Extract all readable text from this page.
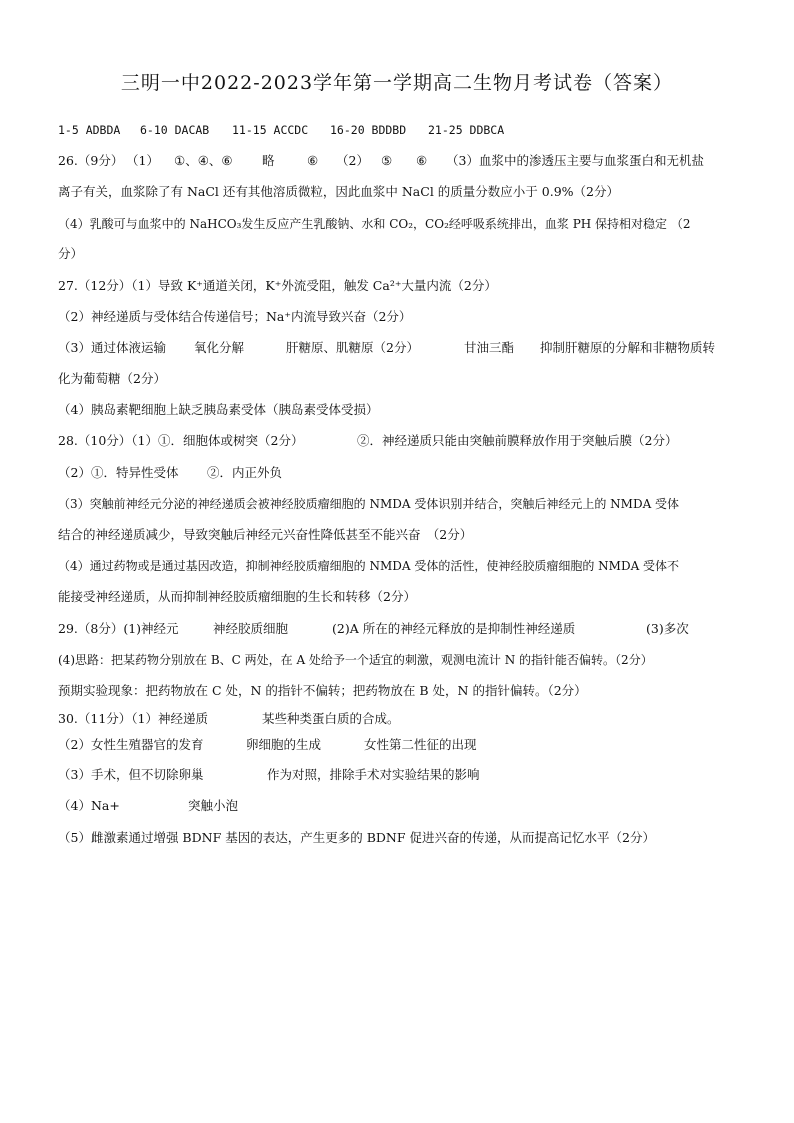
三明一中2022-2023学年第一学期高二生物月考试卷（答案）
1-5 ADBDA 6-10 DACAB 11-15 ACCDC 16-20 BDDBD 21-25 DDBCA
26.（9分） （1） ①、④、⑥ 略	⑥ （2） ⑤ ⑥ （3）血浆中的渗透压主要与血浆蛋白和无机盐
离子有关，血浆除了有 NaCl 还有其他溶质微粒，因此血浆中 NaCl 的质量分数应小于 0.9%（2分）
（4）乳酸可与血浆中的 NaHCO₃发生反应产生乳酸钠、水和 CO₂，CO₂经呼吸系统排出，血浆 PH 保持相对稳定 （2
分）
27.（12分）（1）导致 K⁺通道关闭，K⁺外流受阻，触发 Ca²⁺大量内流（2分）
（2）神经递质与受体结合传递信号；Na⁺内流导致兴奋（2分）
（3）通过体液运输 氧化分解	肝糖原、肌糖原（2分）	甘油三酯 抑制肝糖原的分解和非糖物质转
化为葡萄糖（2分）
（4）胰岛素靶细胞上缺乏胰岛素受体（胰岛素受体受损）
28.（10分）（1）①．细胞体或树突（2分）	②．神经递质只能由突触前膜释放作用于突触后膜（2分）
（2）①．特异性受体 ②．内正外负
（3）突触前神经元分泌的神经递质会被神经胶质瘤细胞的 NMDA 受体识别并结合，突触后神经元上的 NMDA 受体
结合的神经递质减少，导致突触后神经元兴奋性降低甚至不能兴奋　（2分）
（4）通过药物或是通过基因改造，抑制神经胶质瘤细胞的 NMDA 受体的活性，使神经胶质瘤细胞的 NMDA 受体不
能接受神经递质，从而抑制神经胶质瘤细胞的生长和转移（2分）
29.（8分）(1)神经元	神经胶质细胞	(2)A 所在的神经元释放的是抑制性神经递质	(3)多次
(4)思路：把某药物分别放在 B、C 两处，在 A 处给予一个适宜的刺激，观测电流计 N 的指针能否偏转。（2分）
预期实验现象：把药物放在 C 处，N 的指针不偏转；把药物放在 B 处，N 的指针偏转。（2分）
30.（11分）（1）神经递质	某些种类蛋白质的合成。
（2）女性生殖器官的发育	卵细胞的生成	女性第二性征的出现
（3）手术，但不切除卵巢	作为对照，排除手术对实验结果的影响
（4）Na+	突触小泡
（5）雌激素通过增强 BDNF 基因的表达，产生更多的 BDNF 促进兴奋的传递，从而提高记忆水平（2分）
